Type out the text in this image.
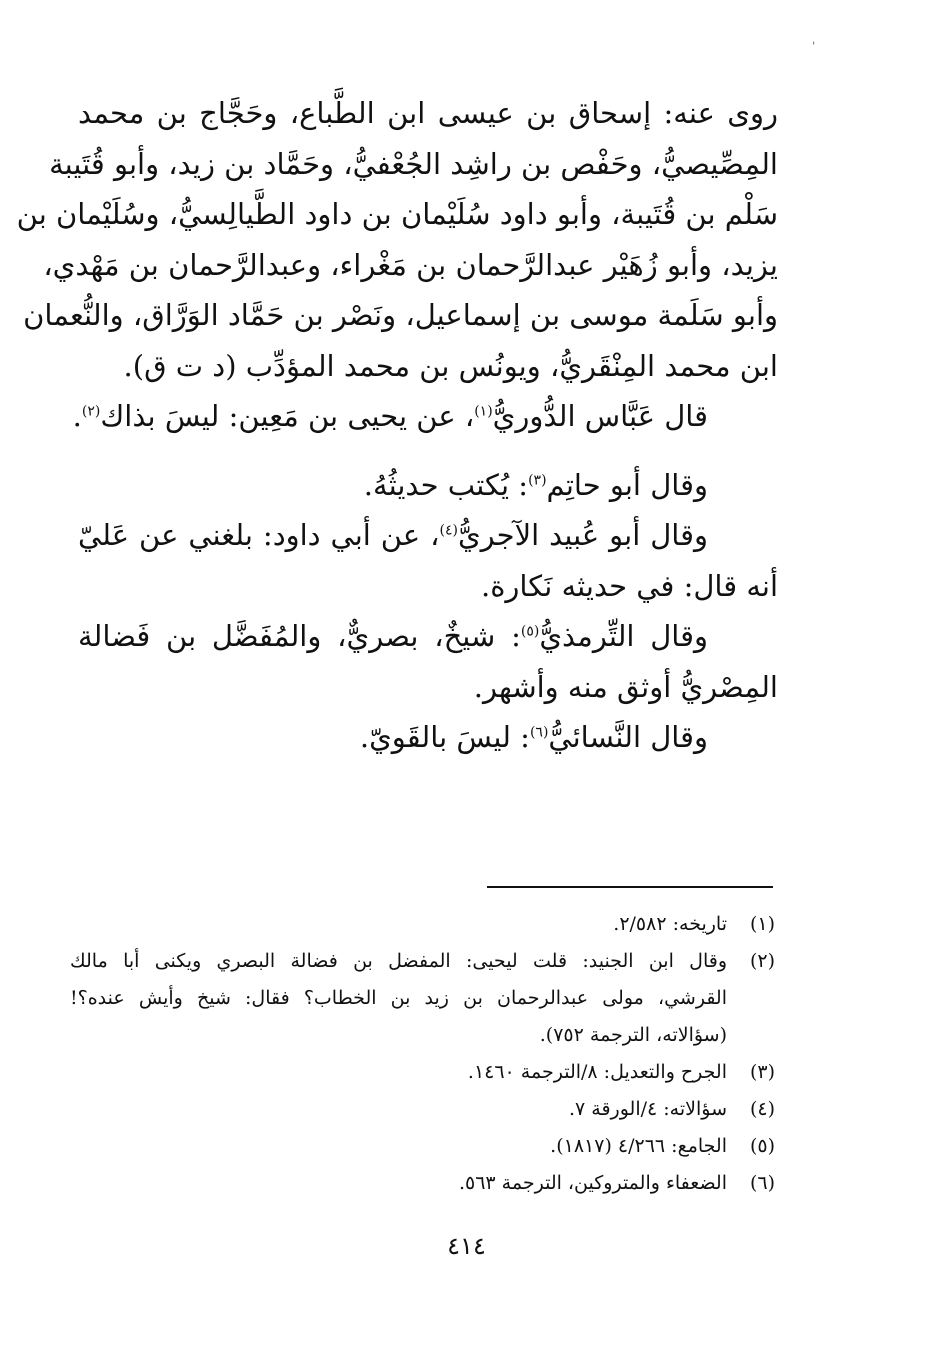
ˈ
روى عنه: إسحاق بن عيسى ابن الطَّباع، وحَجَّاج بن محمد
المِصِّيصيُّ، وحَفْص بن راشِد الجُعْفيُّ، وحَمَّاد بن زيد، وأبو قُتَيبة
سَلْم بن قُتَيبة، وأبو داود سُلَيْمان بن داود الطَّيالِسيُّ، وسُلَيْمان بن
يزيد، وأبو زُهَيْر عبدالرَّحمان بن مَغْراء، وعبدالرَّحمان بن مَهْدي،
وأبو سَلَمة موسى بن إسماعيل، ونَصْر بن حَمَّاد الوَرَّاق، والنُّعمان
ابن محمد المِنْقَريُّ، ويونُس بن محمد المؤدِّب (د ت ق).
قال عَبَّاس الدُّوريُّ$^{(١)}$، عن يحيى بن مَعِين: ليسَ بذاك$^{(٢)}$.
وقال أبو حاتِم$^{(٣)}$: يُكتب حديثُهُ.
وقال أبو عُبيد الآجريُّ$^{(٤)}$، عن أبي داود: بلغني عن عَليّ
أنه قال: في حديثه نَكارة.
وقال التِّرمذيُّ$^{(٥)}$: شيخٌ، بصريٌّ، والمُفَضَّل بن فَضالة
المِصْريُّ أوثق منه وأشهر.
وقال النَّسائيُّ$^{(٦)}$: ليسَ بالقَويّ.
(١)
تاريخه: ٢/٥٨٢.
(٢)
وقال ابن الجنيد: قلت ليحيى: المفضل بن فضالة البصري ويكنى أبا مالك
القرشي، مولى عبدالرحمان بن زيد بن الخطاب؟ فقال: شيخ وأيش عنده؟!
(سؤالاته، الترجمة ٧٥٢).
(٣)
الجرح والتعديل: ٨/الترجمة ١٤٦٠.
(٤)
سؤالاته: ٤/الورقة ٧.
(٥)
الجامع: ٤/٢٦٦ (١٨١٧).
(٦)
الضعفاء والمتروكين، الترجمة ٥٦٣.
٤١٤
